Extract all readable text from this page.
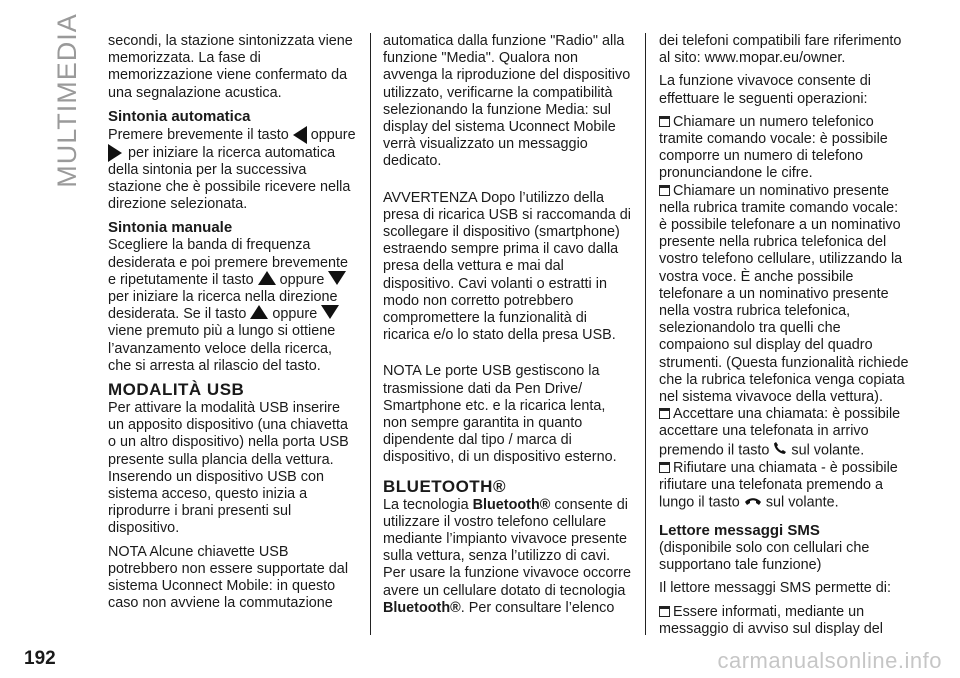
MULTIMEDIA secondi, la stazione sintonizzata viene memorizzata. La fase di memorizzazione viene confermato da una segnalazione acustica.

Sintonia automatica

Premere brevemente il tasto oppure
per iniziare la ricerca automatica della sintonia per la successiva stazione che è possibile ricevere nella direzione selezionata.

Sintonia manuale

Scegliere la banda di frequenza desiderata e poi premere brevemente e ripetutamente il tasto oppure per iniziare la ricerca nella direzione desiderata. Se il tasto oppure viene premuto più a lungo si ottiene l’avanzamento veloce della ricerca, che si arresta al rilascio del tasto.

MODALITÀ USB

Per attivare la modalità USB inserire un apposito dispositivo (una chiavetta o un altro dispositivo) nella porta USB presente sulla plancia della vettura. Inserendo un dispositivo USB con sistema acceso, questo inizia a riprodurre i brani presenti sul dispositivo.

NOTA Alcune chiavette USB potrebbero non essere supportate dal sistema Uconnect Mobile: in questo caso non avviene la commutazione

automatica dalla funzione "Radio" alla funzione "Media". Qualora non avvenga la riproduzione del dispositivo utilizzato, verificarne la compatibilità selezionando la funzione Media: sul display del sistema Uconnect Mobile verrà visualizzato un messaggio dedicato.

AVVERTENZA Dopo l’utilizzo della presa di ricarica USB si raccomanda di scollegare il dispositivo (smartphone) estraendo sempre prima il cavo dalla presa della vettura e mai dal dispositivo. Cavi volanti o estratti in modo non corretto potrebbero compromettere la funzionalità di ricarica e/o lo stato della presa USB.

NOTA Le porte USB gestiscono la trasmissione dati da Pen Drive/ Smartphone etc. e la ricarica lenta, non sempre garantita in quanto dipendente dal tipo / marca di dispositivo, di un dispositivo esterno.

BLUETOOTH®

La tecnologia Bluetooth® consente di utilizzare il vostro telefono cellulare mediante l’impianto vivavoce presente sulla vettura, senza l’utilizzo di cavi. Per usare la funzione vivavoce occorre avere un cellulare dotato di tecnologia Bluetooth®. Per consultare l’elenco

dei telefoni compatibili fare riferimento al sito: www.mopar.eu/owner.

La funzione vivavoce consente di effettuare le seguenti operazioni:

Chiamare un numero telefonico tramite comando vocale: è possibile comporre un numero di telefono pronunciandone le cifre.

Chiamare un nominativo presente nella rubrica tramite comando vocale: è possibile telefonare a un nominativo presente nella rubrica telefonica del vostro telefono cellulare, utilizzando la vostra voce. È anche possibile telefonare a un nominativo presente nella vostra rubrica telefonica, selezionandolo tra quelli che compaiono sul display del quadro strumenti. (Questa funzionalità richiede che la rubrica telefonica venga copiata nel sistema vivavoce della vettura).

Accettare una chiamata: è possibile accettare una telefonata in arrivo premendo il tasto sul volante.

Rifiutare una chiamata - è possibile rifiutare una telefonata premendo a lungo il tasto sul volante.

Lettore messaggi SMS

(disponibile solo con cellulari che supportano tale funzione)

Il lettore messaggi SMS permette di:

Essere informati, mediante un messaggio di avviso sul display del

192	carmanualsonline.info
